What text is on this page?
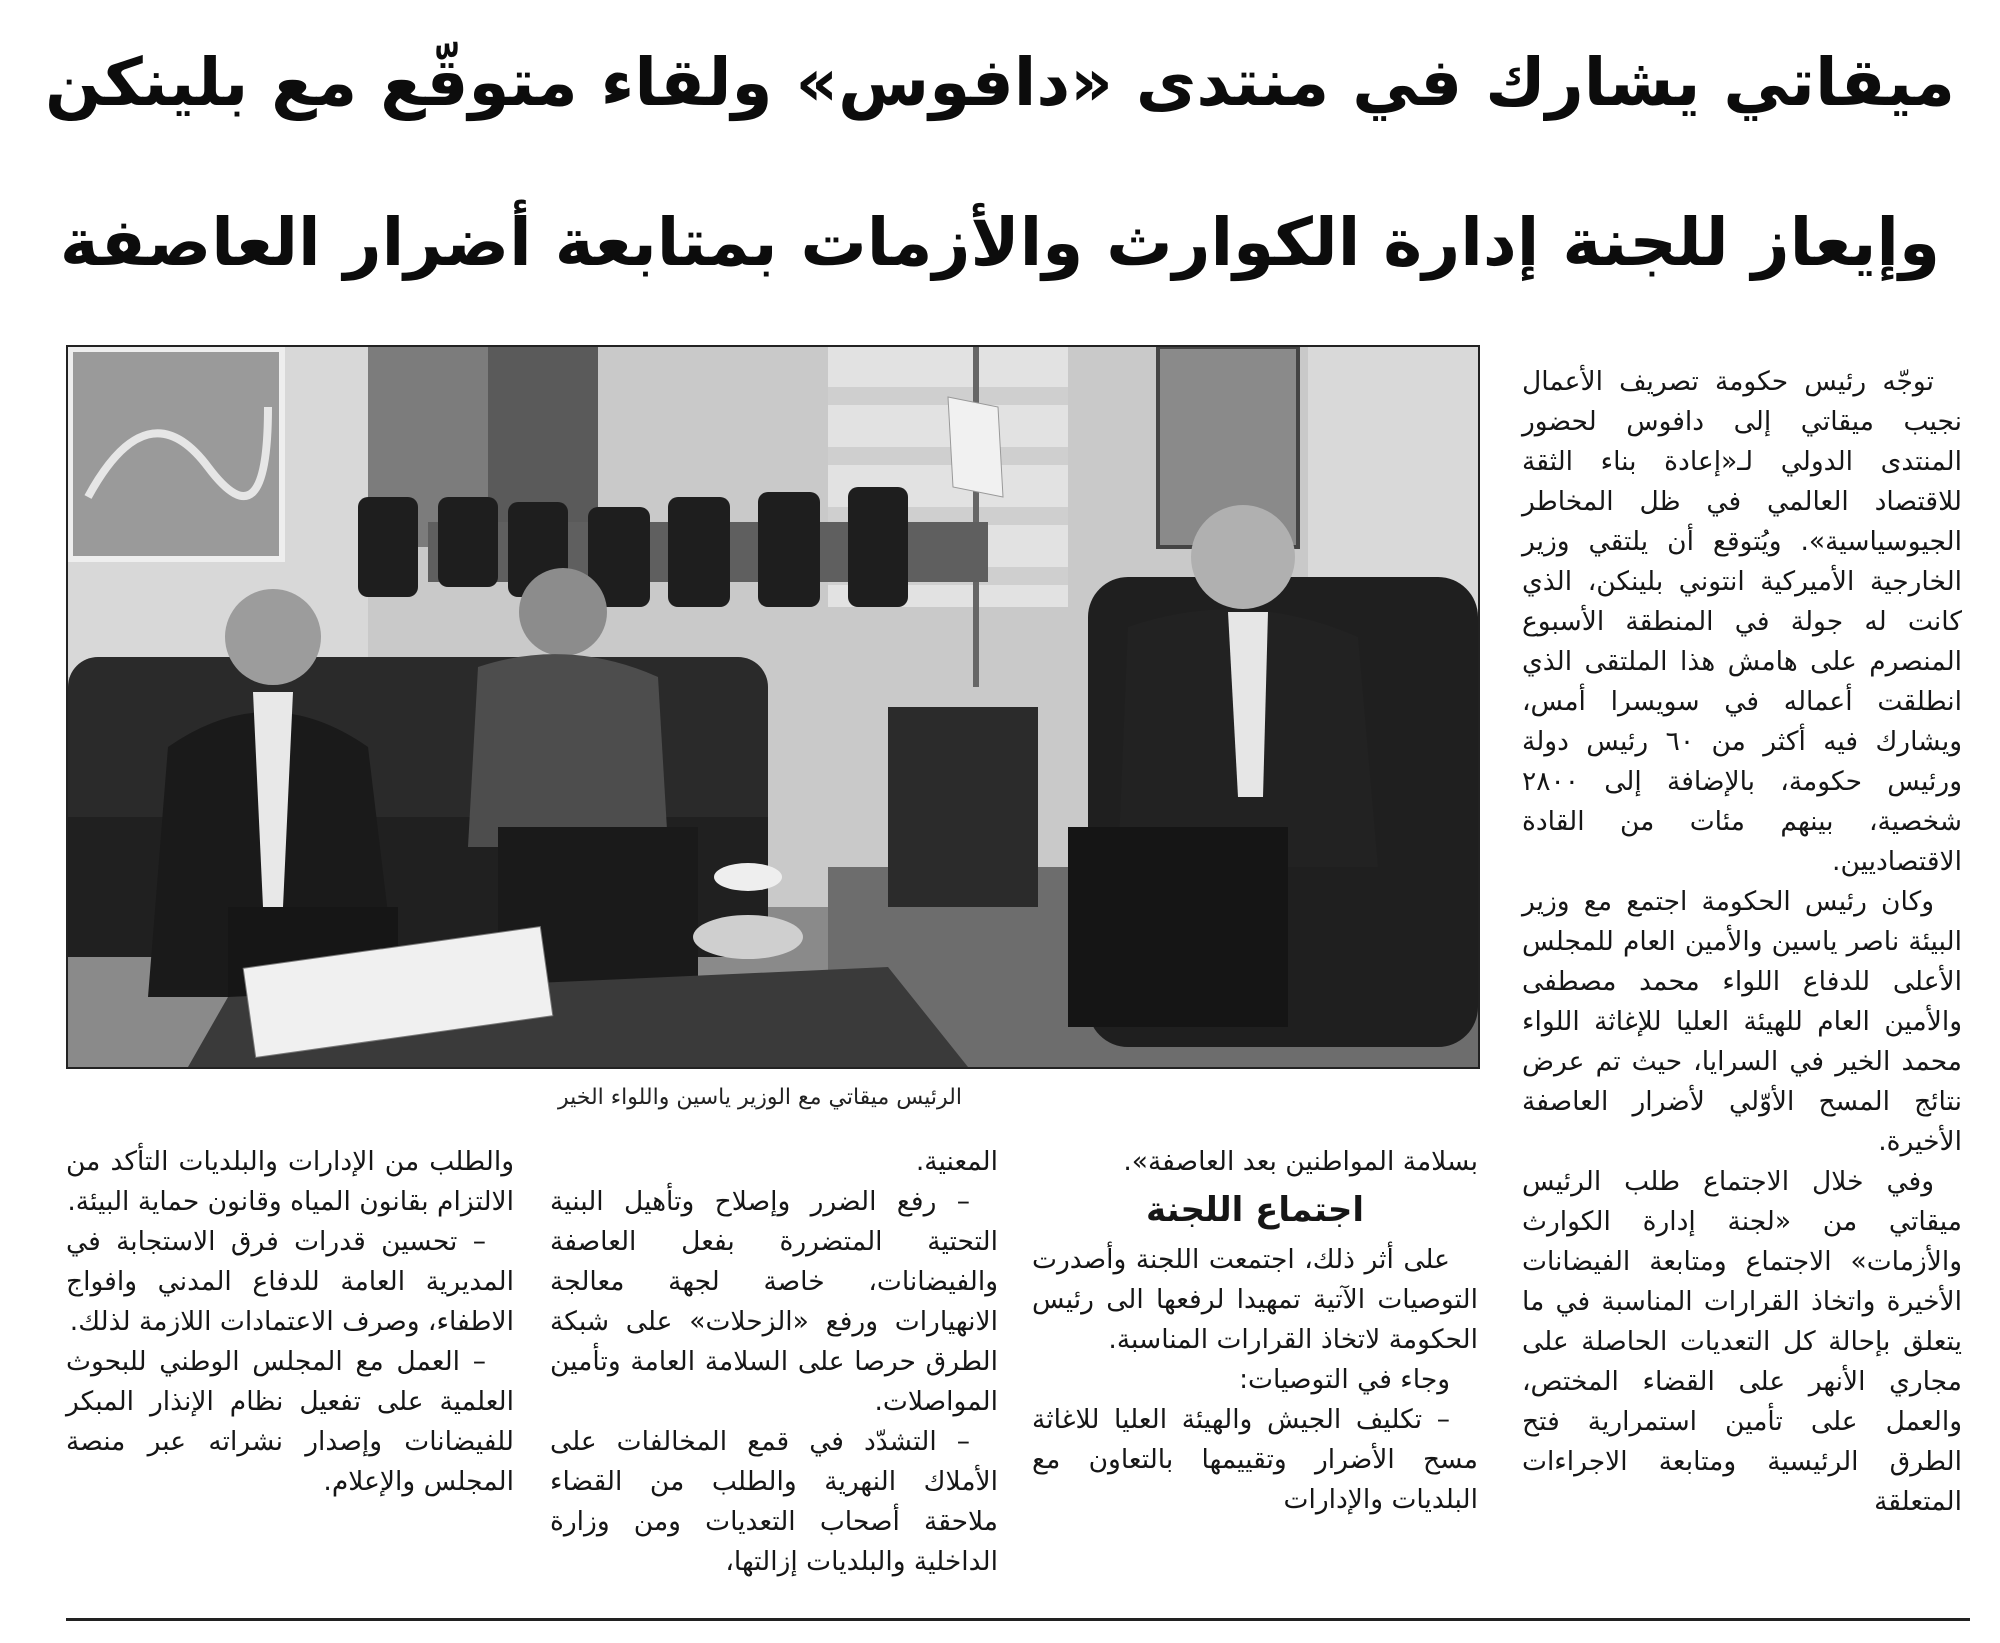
ميقاتي يشارك في منتدى «دافوس» ولقاء متوقّع مع بلينكن
وإيعاز للجنة إدارة الكوارث والأزمات بمتابعة أضرار العاصفة
الرئيس ميقاتي مع الوزير ياسين واللواء الخير

توجّه رئيس حكومة تصريف الأعمال نجيب ميقاتي إلى دافوس لحضور المنتدى الدولي لـ«إعادة بناء الثقة للاقتصاد العالمي في ظل المخاطر الجيوسياسية». ويُتوقع أن يلتقي وزير الخارجية الأميركية انتوني بلينكن، الذي كانت له جولة في المنطقة الأسبوع المنصرم على هامش هذا الملتقى الذي انطلقت أعماله في سويسرا أمس، ويشارك فيه أكثر من ٦٠ رئيس دولة ورئيس حكومة، بالإضافة إلى ٢٨٠٠ شخصية، بينهم مئات من القادة الاقتصاديين.

وكان رئيس الحكومة اجتمع مع وزير البيئة ناصر ياسين والأمين العام للمجلس الأعلى للدفاع اللواء محمد مصطفى والأمين العام للهيئة العليا للإغاثة اللواء محمد الخير في السرايا، حيث تم عرض نتائج المسح الأوّلي لأضرار العاصفة الأخيرة.

وفي خلال الاجتماع طلب الرئيس ميقاتي من «لجنة إدارة الكوارث والأزمات» الاجتماع ومتابعة الفيضانات الأخيرة واتخاذ القرارات المناسبة في ما يتعلق بإحالة كل التعديات الحاصلة على مجاري الأنهر على القضاء المختص، والعمل على تأمين استمرارية فتح الطرق الرئيسية ومتابعة الاجراءات المتعلقة

بسلامة المواطنين بعد العاصفة».

اجتماع اللجنة

على أثر ذلك، اجتمعت اللجنة وأصدرت التوصيات الآتية تمهيدا لرفعها الى رئيس الحكومة لاتخاذ القرارات المناسبة.

وجاء في التوصيات:

– تكليف الجيش والهيئة العليا للاغاثة مسح الأضرار وتقييمها بالتعاون مع البلديات والإدارات

المعنية.

– رفع الضرر وإصلاح وتأهيل البنية التحتية المتضررة بفعل العاصفة والفيضانات، خاصة لجهة معالجة الانهيارات ورفع «الزحلات» على شبكة الطرق حرصا على السلامة العامة وتأمين المواصلات.

– التشدّد في قمع المخالفات على الأملاك النهرية والطلب من القضاء ملاحقة أصحاب التعديات ومن وزارة الداخلية والبلديات إزالتها،

والطلب من الإدارات والبلديات التأكد من الالتزام بقانون المياه وقانون حماية البيئة.

– تحسين قدرات فرق الاستجابة في المديرية العامة للدفاع المدني وافواج الاطفاء، وصرف الاعتمادات اللازمة لذلك.

– العمل مع المجلس الوطني للبحوث العلمية على تفعيل نظام الإنذار المبكر للفيضانات وإصدار نشراته عبر منصة المجلس والإعلام.
